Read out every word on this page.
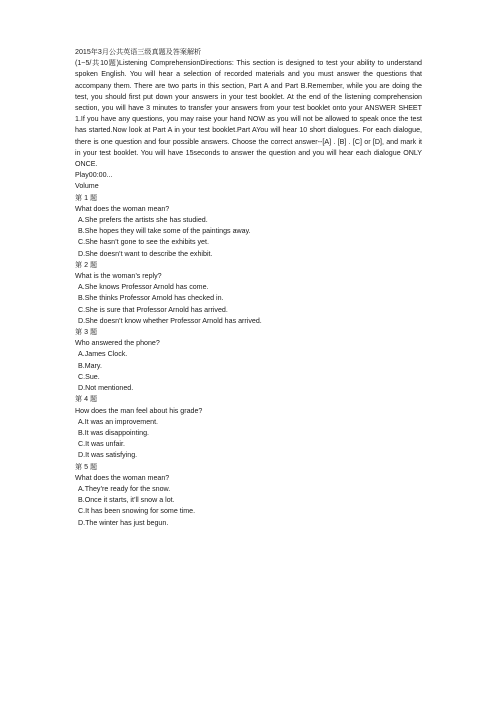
2015年3月公共英语三级真题及答案解析
(1~5/共10题)Listening ComprehensionDirections: This section is designed to test your ability to understand spoken English. You will hear a selection of recorded materials and you must answer the questions that accompany them. There are two parts in this section, Part A and Part B.Remember, while you are doing the test, you should first put down your answers in your test booklet. At the end of the listening comprehension section, you will have 3 minutes to transfer your answers from your test booklet onto your ANSWER SHEET 1.If you have any questions, you may raise your hand NOW as you will not be allowed to speak once the test has started.Now look at Part A in your test booklet.Part AYou will hear 10 short dialogues. For each dialogue, there is one question and four possible answers. Choose the correct answer--[A] . [B] . [C] or [D], and mark it in your test booklet. You will have 15seconds to answer the question and you will hear each dialogue ONLY ONCE.
Play00:00...
Volume
第 1 题
What does the woman mean?
A.She prefers the artists she has studied.
B.She hopes they will take some of the paintings away.
C.She hasn’t gone to see the exhibits yet.
D.She doesn’t want to describe the exhibit.
第 2 题
What is the woman’s reply?
A.She knows Professor Arnold has come.
B.She thinks Professor Arnold has checked in.
C.She is sure that Professor Arnold has arrived.
D.She doesn’t know whether Professor Arnold has arrived.
第 3 题
Who answered the phone?
A.James Clock.
B.Mary.
C.Sue.
D.Not mentioned.
第 4 题
How does the man feel about his grade?
A.It was an improvement.
B.It was disappointing.
C.It was unfair.
D.It was satisfying.
第 5 题
What does the woman mean?
A.They’re ready for the snow.
B.Once it starts, it’ll snow a lot.
C.It has been snowing for some time.
D.The winter has just begun.
